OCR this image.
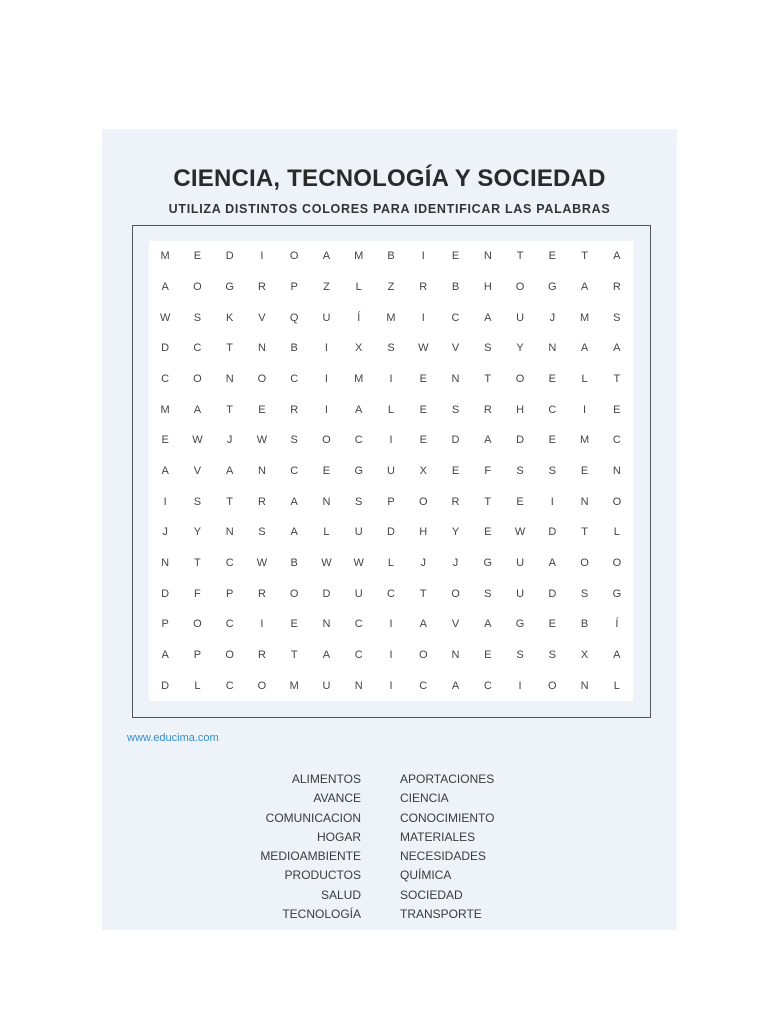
CIENCIA, TECNOLOGÍA Y SOCIEDAD
UTILIZA DISTINTOS COLORES PARA IDENTIFICAR LAS PALABRAS
M	E	D	I	O	A	M	B	I	E	N	T	E	T	A
A	O	G	R	P	Z	L	Z	R	B	H	O	G	A	R
W	S	K	V	Q	U	Í	M	I	C	A	U	J	M	S
D	C	T	N	B	I	X	S	W	V	S	Y	N	A	A
C	O	N	O	C	I	M	I	E	N	T	O	E	L	T
M	A	T	E	R	I	A	L	E	S	R	H	C	I	E
E	W	J	W	S	O	C	I	E	D	A	D	E	M	C
A	V	A	N	C	E	G	U	X	E	F	S	S	E	N
I	S	T	R	A	N	S	P	O	R	T	E	I	N	O
J	Y	N	S	A	L	U	D	H	Y	E	W	D	T	L
N	T	C	W	B	W	W	L	J	J	G	U	A	O	O
D	F	P	R	O	D	U	C	T	O	S	U	D	S	G
P	O	C	I	E	N	C	I	A	V	A	G	E	B	Í
A	P	O	R	T	A	C	I	O	N	E	S	S	X	A
D	L	C	O	M	U	N	I	C	A	C	I	O	N	L
www.educima.com
ALIMENTOS
AVANCE
COMUNICACION
HOGAR
MEDIOAMBIENTE
PRODUCTOS
SALUD
TECNOLOGÍA
APORTACIONES
CIENCIA
CONOCIMIENTO
MATERIALES
NECESIDADES
QUÍMICA
SOCIEDAD
TRANSPORTE
